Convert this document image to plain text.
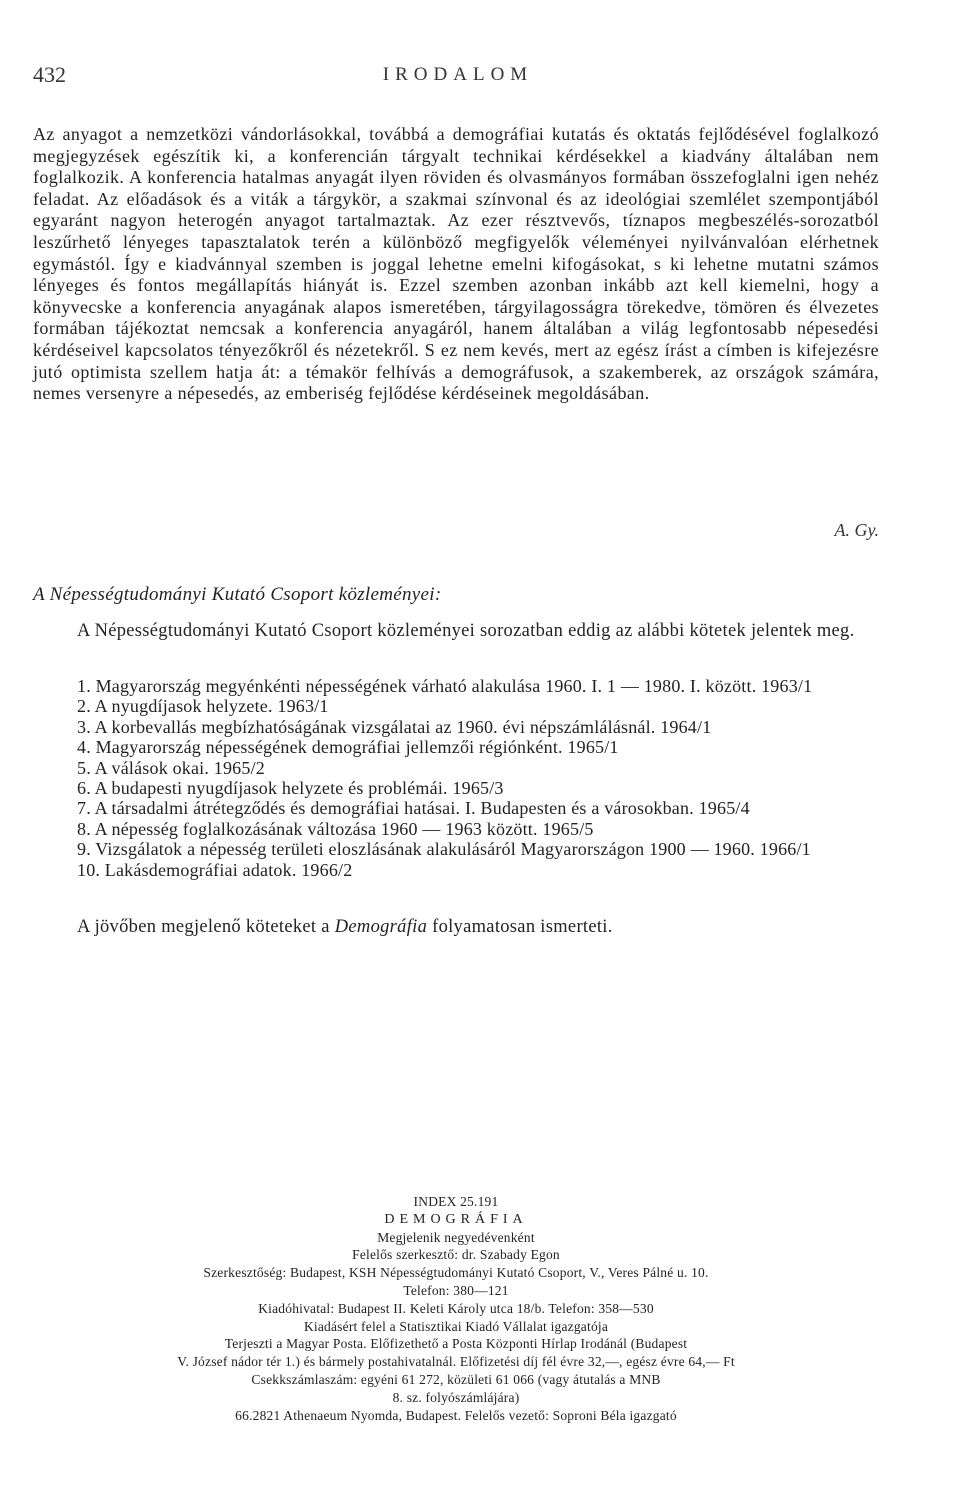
432	IRODALOM
Az anyagot a nemzetközi vándorlásokkal, továbbá a demográfiai kutatás és oktatás fejlődésével foglalkozó megjegyzések egészítik ki, a konferencián tárgyalt technikai kérdésekkel a kiadvány általában nem foglalkozik. A konferencia hatalmas anyagát ilyen röviden és olvasmányos formában összefoglalni igen nehéz feladat. Az előadások és a viták a tárgykör, a szakmai színvonal és az ideológiai szemlélet szempontjából egyaránt nagyon heterogén anyagot tartalmaztak. Az ezer résztvevős, tíznapos megbeszélés-sorozatból leszűrhető lényeges tapasztalatok terén a különböző megfigyelők véleményei nyilvánvalóan elérhetnek egymástól. Így e kiadvánnyal szemben is joggal lehetne emelni kifogásokat, s ki lehetne mutatni számos lényeges és fontos megállapítás hiányát is. Ezzel szemben azonban inkább azt kell kiemelni, hogy a könyvecske a konferencia anyagának alapos ismeretében, tárgyilagosságra törekedve, tömören és élvezetes formában tájékoztat nemcsak a konferencia anyagáról, hanem általában a világ legfontosabb népesedési kérdéseivel kapcsolatos tényezőkről és nézetekről. S ez nem kevés, mert az egész írást a címben is kifejezésre jutó optimista szellem hatja át: a témakör felhívás a demográfusok, a szakemberek, az országok számára, nemes versenyre a népesedés, az emberiség fejlődése kérdéseinek megoldásában.
A. Gy.
A Népességtudományi Kutató Csoport közleményei:
A Népességtudományi Kutató Csoport közleményei sorozatban eddig az alábbi kötetek jelentek meg.

1. Magyarország megyénkénti népességének várható alakulása 1960. I. 1 — 1980. I. között. 1963/1

2. A nyugdíjasok helyzete. 1963/1

3. A korbevallás megbízhatóságának vizsgálatai az 1960. évi népszámlálásnál. 1964/1

4. Magyarország népességének demográfiai jellemzői régiónként. 1965/1

5. A válások okai. 1965/2

6. A budapesti nyugdíjasok helyzete és problémái. 1965/3

7. A társadalmi átrétegződés és demográfiai hatásai. I. Budapesten és a városokban. 1965/4

8. A népesség foglalkozásának változása 1960 — 1963 között. 1965/5

9. Vizsgálatok a népesség területi eloszlásának alakulásáról Magyarországon 1900 — 1960. 1966/1

10. Lakásdemográfiai adatok. 1966/2

A jövőben megjelenő köteteket a Demográfia folyamatosan ismerteti.
INDEX 25.191
DEMOGRÁFIA
Megjelenik negyedévenként
Felelős szerkesztő: dr. Szabady Egon
Szerkesztőség: Budapest, KSH Népességtudományi Kutató Csoport, V., Veres Pálné u. 10.
Telefon: 380—121
Kiadóhivatal: Budapest II. Keleti Károly utca 18/b. Telefon: 358—530
Kiadásért felel a Statisztikai Kiadó Vállalat igazgatója
Terjeszti a Magyar Posta. Előfizethető a Posta Központi Hírlap Irodánál (Budapest
V. József nádor tér 1.) és bármely postahivatalnál. Előfizetési díj fél évre 32,—, egész évre 64,— Ft
Csekkszámlaszám: egyéni 61 272, közületi 61 066 (vagy átutalás a MNB
8. sz. folyószámlájára)
66.2821 Athenaeum Nyomda, Budapest. Felelős vezető: Soproni Béla igazgató
